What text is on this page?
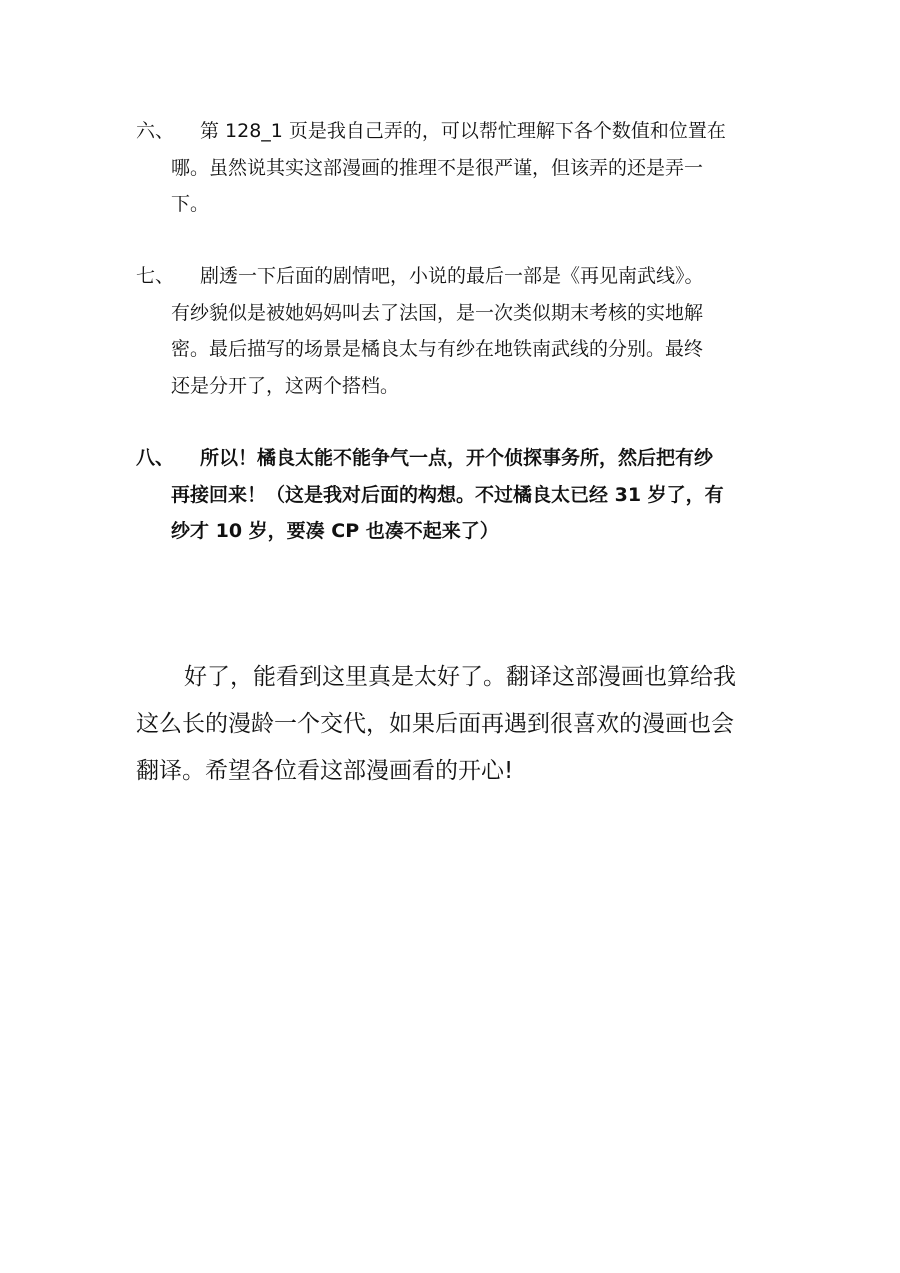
六、	第 128_1 页是我自己弄的，可以帮忙理解下各个数值和位置在
哪。虽然说其实这部漫画的推理不是很严谨，但该弄的还是弄一
下。
七、	剧透一下后面的剧情吧，小说的最后一部是《再见南武线》。
有纱貌似是被她妈妈叫去了法国，是一次类似期末考核的实地解
密。最后描写的场景是橘良太与有纱在地铁南武线的分别。最终
还是分开了，这两个搭档。
八、	所以！橘良太能不能争气一点，开个侦探事务所，然后把有纱
再接回来！（这是我对后面的构想。不过橘良太已经 31 岁了，有
纱才 10 岁，要凑 CP 也凑不起来了）
好了，能看到这里真是太好了。翻译这部漫画也算给我
这么长的漫龄一个交代，如果后面再遇到很喜欢的漫画也会
翻译。希望各位看这部漫画看的开心!
